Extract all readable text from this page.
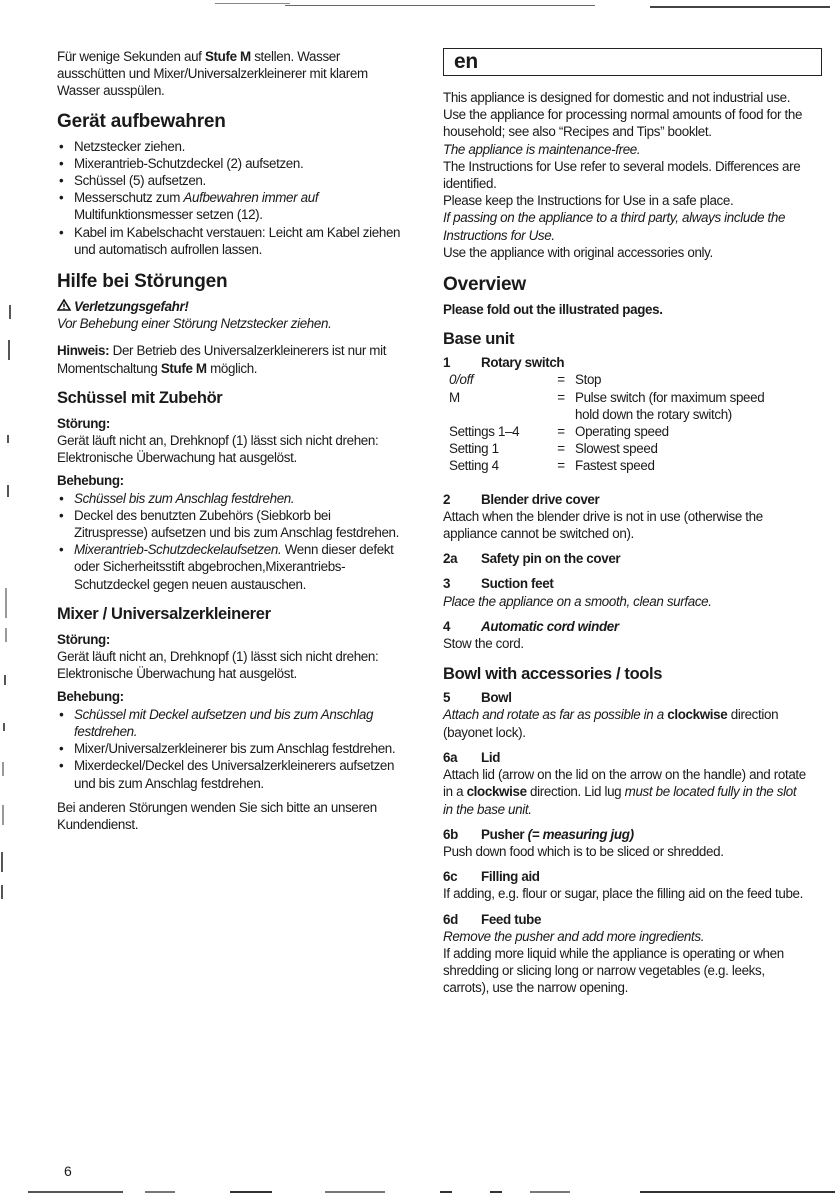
Für wenige Sekunden auf Stufe M stellen. Wasser ausschütten und Mixer/Universalzerkleinerer mit klarem Wasser ausspülen.

Gerät aufbewahren
• Netzstecker ziehen.
• Mixerantrieb-Schutzdeckel (2) aufsetzen.
• Schüssel (5) aufsetzen.
• Messerschutz zum Aufbewahren immer auf Multifunktionsmesser setzen (12).
• Kabel im Kabelschacht verstauen: Leicht am Kabel ziehen und automatisch aufrollen lassen.
Hilfe bei Störungen

Verletzungsgefahr!

Vor Behebung einer Störung Netzstecker ziehen.

Hinweis: Der Betrieb des Universalzerkleinerers ist nur mit Momentschaltung Stufe M möglich.

Schüssel mit Zubehör

Störung:

Gerät läuft nicht an, Drehknopf (1) lässt sich nicht drehen: Elektronische Überwachung hat ausgelöst.

Behebung:

• Schüssel bis zum Anschlag festdrehen.
• Deckel des benutzten Zubehörs (Siebkorb bei Zitruspresse) aufsetzen und bis zum Anschlag festdrehen.
• Mixerantrieb-Schutzdeckelaufsetzen. Wenn dieser defekt oder Sicherheitsstift abgebrochen,Mixerantriebs-Schutzdeckel gegen neuen austauschen.
Mixer / Universalzerkleinerer

Störung:

Gerät läuft nicht an, Drehknopf (1) lässt sich nicht drehen: Elektronische Überwachung hat ausgelöst.

Behebung:

• Schüssel mit Deckel aufsetzen und bis zum Anschlag festdrehen.
• Mixer/Universalzerkleinerer bis zum Anschlag festdrehen.
• Mixerdeckel/Deckel des Universalzerkleinerers aufsetzen und bis zum Anschlag festdrehen.

Bei anderen Störungen wenden Sie sich bitte an unseren Kundendienst.

en

This appliance is designed for domestic and not industrial use.

Use the appliance for processing normal amounts of food for the household; see also “Recipes and Tips” booklet.

The appliance is maintenance-free.

The Instructions for Use refer to several models. Differences are identified.

Please keep the Instructions for Use in a safe place.

If passing on the appliance to a third party, always include the Instructions for Use.

Use the appliance with original accessories only.

Overview

Please fold out the illustrated pages.

Base unit
1	Rotary switch
0/off	=	Stop
M	=	Pulse switch (for maximum speed hold down the rotary switch)
Settings 1–4	=	Operating speed
Setting 1	=	Slowest speed
Setting 4	=	Fastest speed
2	Blender drive cover

Attach when the blender drive is not in use (otherwise the appliance cannot be switched on).

2a	Safety pin on the cover
3	Suction feet

Place the appliance on a smooth, clean surface.

4	Automatic cord winder

Stow the cord.

Bowl with accessories / tools
5	Bowl

Attach and rotate as far as possible in a clockwise direction (bayonet lock).

6a	Lid

Attach lid (arrow on the lid on the arrow on the handle) and rotate in a clockwise direction. Lid lug must be located fully in the slot in the base unit.

6b	Pusher (= measuring jug)

Push down food which is to be sliced or shredded.

6c	Filling aid

If adding, e.g. flour or sugar, place the filling aid on the feed tube.

6d	Feed tube

Remove the pusher and add more ingredients.

If adding more liquid while the appliance is operating or when shredding or slicing long or narrow vegetables (e.g. leeks, carrots), use the narrow opening.

6
